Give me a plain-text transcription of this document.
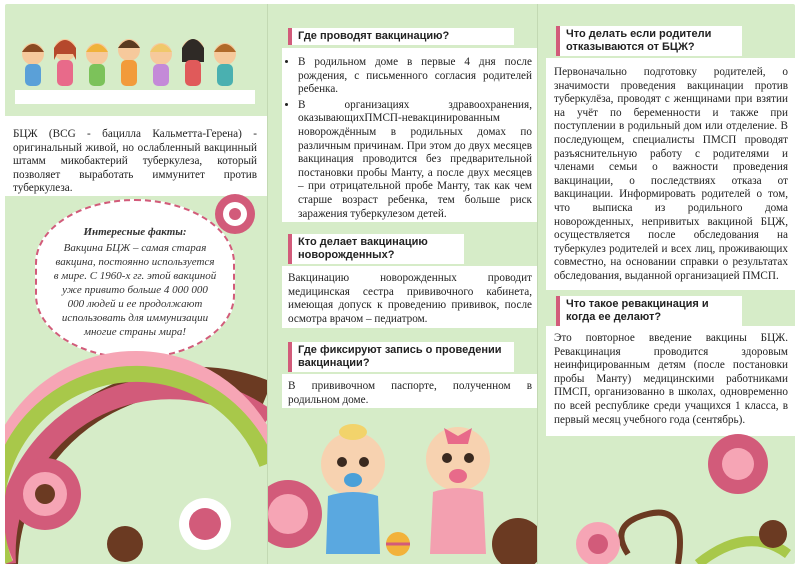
БЦЖ (BCG - бацилла Кальметта-Герена) - оригинальный живой, но ослабленный вакцинный штамм микобактерий туберкулеза, который позволяет выработать иммунитет против туберкулеза.
Интересные факты:
Вакцина БЦЖ – самая старая вакцина, постоянно используется в мире. С 1960-х гг. этой вакциной уже привито больше 4 000 000 000 людей и ее продолжают использовать для иммунизации многие страны мира!
Где проводят вакцинацию?
• В родильном доме в первые 4 дня после рождения, с письменного согласия родителей ребенка.
• В организациях здравоохранения, оказывающихПМСП-невакцинированным новорождённым в родильных домах по различным причинам. При этом до двух месяцев вакцинация проводится без предварительной постановки пробы Манту, а после двух месяцев – при отрицательной пробе Манту, так как чем старше возраст ребенка, тем больше риск заражения туберкулезом детей.
Кто делает вакцинацию новорожденных?
Вакцинацию новорожденных проводит медицинская сестра прививочного кабинета, имеющая допуск к проведению прививок, после осмотра врачом – педиатром.
Где фиксируют запись о проведении вакцинации?
В прививочном паспорте, полученном в родильном доме.
Что делать если родители отказываются от БЦЖ?
Первоначально подготовку родителей, о значимости проведения вакцинации против туберкулёза, проводят с женщинами при взятии на учёт по беременности и также при поступлении в родильный дом или отделение. В последующем, специалисты ПМСП проводят разъяснительную работу с родителями и членами семьи о важности проведения вакцинации, о последствиях отказа от вакцинации. Информировать родителей о том, что выписка из родильного дома новорожденных, непривитых вакциной БЦЖ, осуществляется после обследования на туберкулез родителей и всех лиц, проживающих совместно, на основании справки о результатах обследования, выданной организацией ПМСП.
Что такое ревакцинация и когда ее делают?
Это повторное введение вакцины БЦЖ. Ревакцинация проводится здоровым неинфицированным детям (после постановки пробы Манту) медицинскими работниками ПМСП, организованно в школах, одновременно по всей республике среди учащихся 1 класса, в первый месяц учебного года (сентябрь).
